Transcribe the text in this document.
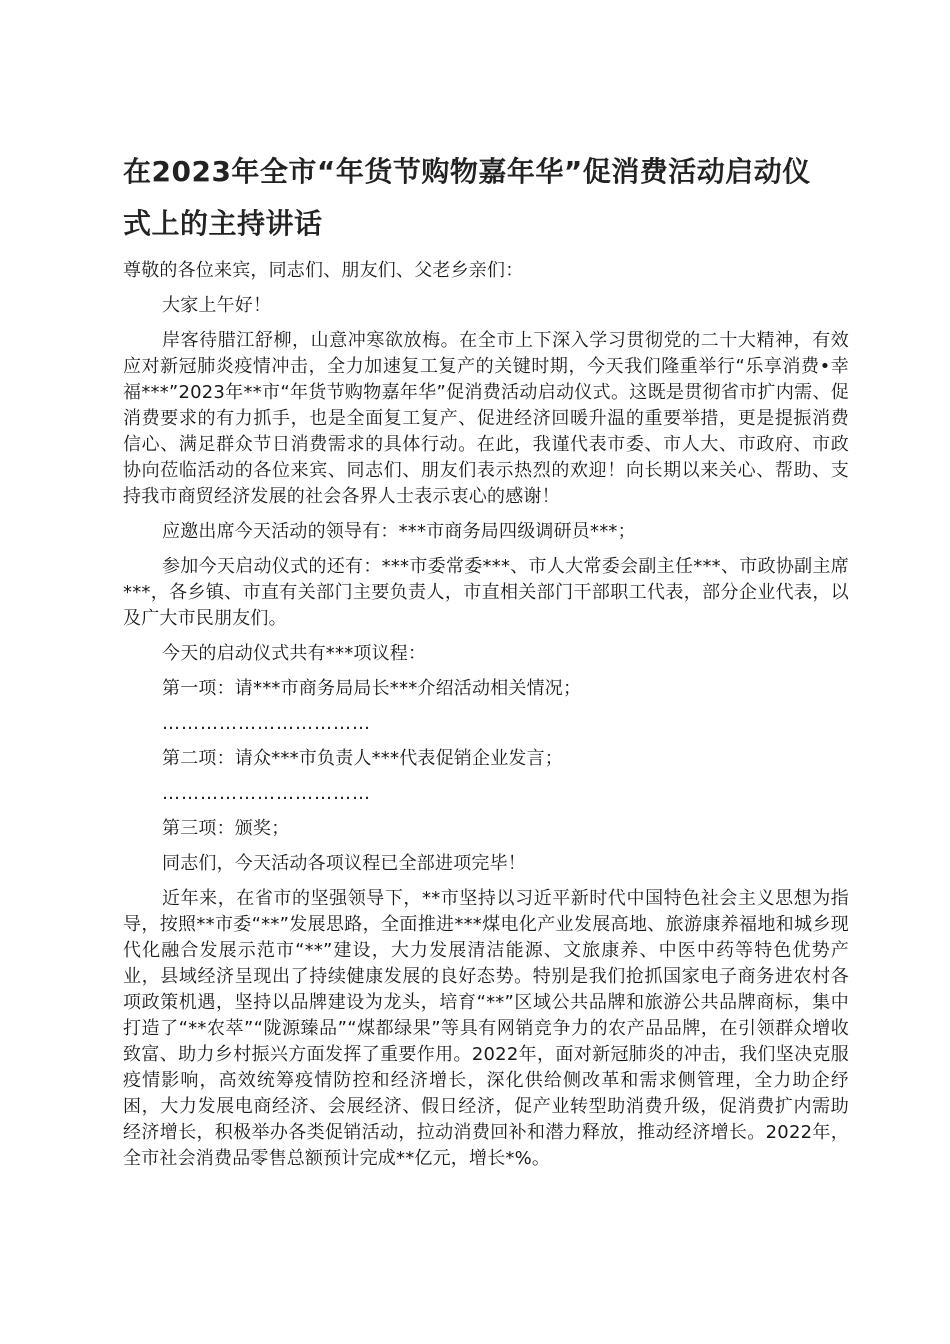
在2023年全市“年货节购物嘉年华”促消费活动启动仪式上的主持讲话

尊敬的各位来宾，同志们、朋友们、父老乡亲们：

大家上午好！

岸客待腊江舒柳，山意冲寒欲放梅。在全市上下深入学习贯彻党的二十大精神，有效应对新冠肺炎疫情冲击，全力加速复工复产的关键时期，今天我们隆重举行“乐享消费•幸福***”2023年**市“年货节购物嘉年华”促消费活动启动仪式。这既是贯彻省市扩内需、促消费要求的有力抓手，也是全面复工复产、促进经济回暖升温的重要举措，更是提振消费信心、满足群众节日消费需求的具体行动。在此，我谨代表市委、市人大、市政府、市政协向莅临活动的各位来宾、同志们、朋友们表示热烈的欢迎！向长期以来关心、帮助、支持我市商贸经济发展的社会各界人士表示衷心的感谢！

应邀出席今天活动的领导有：***市商务局四级调研员***；

参加今天启动仪式的还有：***市委常委***、市人大常委会副主任***、市政协副主席***，各乡镇、市直有关部门主要负责人，市直相关部门干部职工代表，部分企业代表，以及广大市民朋友们。

今天的启动仪式共有***项议程：

第一项：请***市商务局局长***介绍活动相关情况；

……………………………

第二项：请众***市负责人***代表促销企业发言；

……………………………

第三项：颁奖；

同志们，今天活动各项议程已全部进项完毕！

近年来，在省市的坚强领导下，**市坚持以习近平新时代中国特色社会主义思想为指导，按照**市委“**”发展思路，全面推进***煤电化产业发展高地、旅游康养福地和城乡现代化融合发展示范市“**”建设，大力发展清洁能源、文旅康养、中医中药等特色优势产业，县域经济呈现出了持续健康发展的良好态势。特别是我们抢抓国家电子商务进农村各项政策机遇，坚持以品牌建设为龙头，培育“**”区域公共品牌和旅游公共品牌商标，集中打造了“**农萃”“陇源臻品”“煤都绿果”等具有网销竞争力的农产品品牌，在引领群众增收致富、助力乡村振兴方面发挥了重要作用。2022年，面对新冠肺炎的冲击，我们坚决克服疫情影响，高效统筹疫情防控和经济增长，深化供给侧改革和需求侧管理，全力助企纾困，大力发展电商经济、会展经济、假日经济，促产业转型助消费升级，促消费扩内需助经济增长，积极举办各类促销活动，拉动消费回补和潜力释放，推动经济增长。2022年，全市社会消费品零售总额预计完成**亿元，增长*%。
